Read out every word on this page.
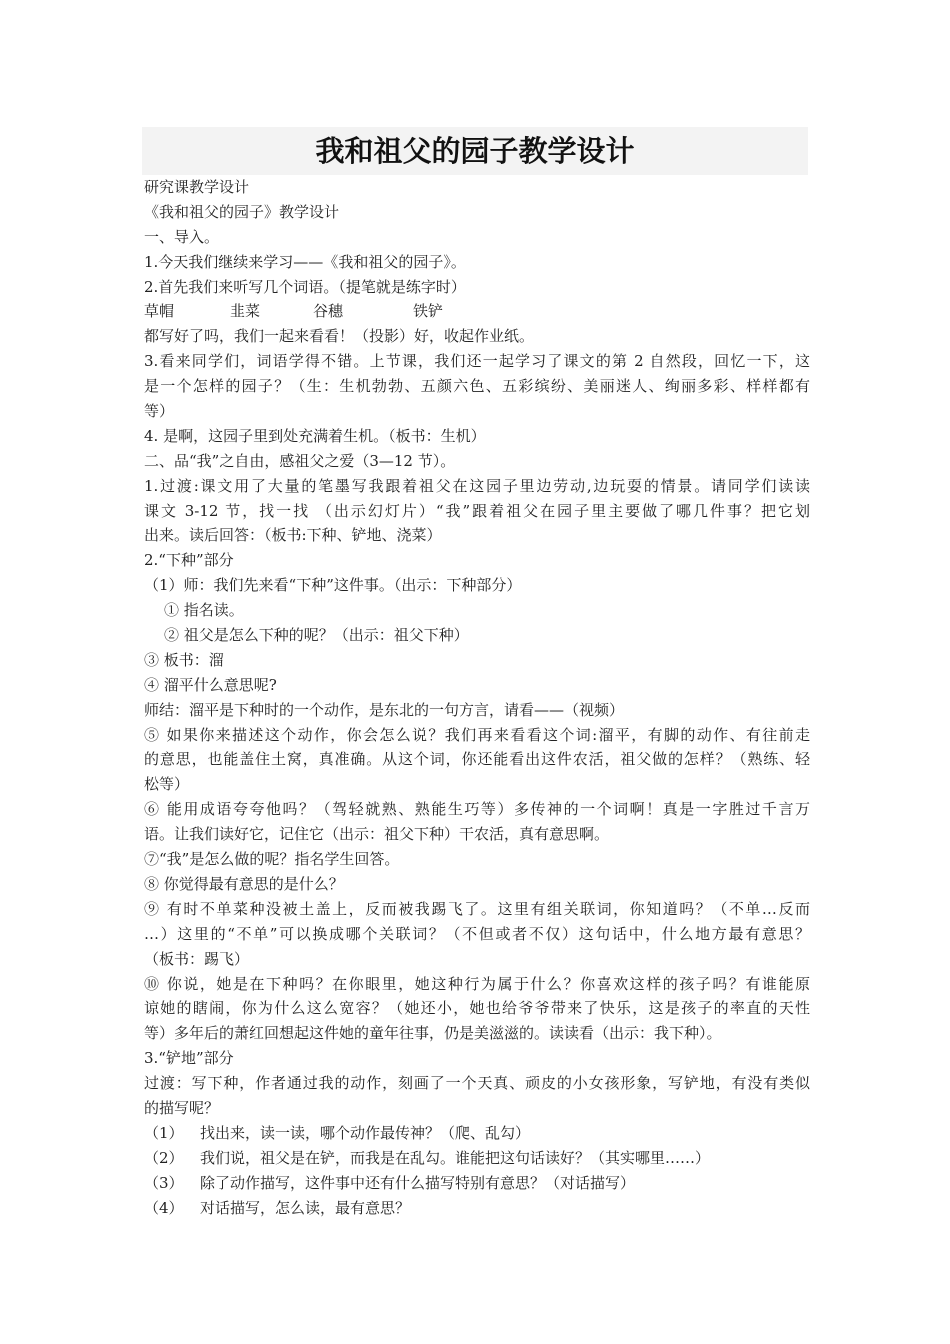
我和祖父的园子教学设计
研究课教学设计
《我和祖父的园子》教学设计
一、导入。
1.今天我们继续来学习——《我和祖父的园子》。
2.首先我们来听写几个词语。（提笔就是练字时）
草帽	韭菜	谷穗	铁铲
都写好了吗，我们一起来看看！（投影）好，收起作业纸。
3.看来同学们，词语学得不错。上节课，我们还一起学习了课文的第 2 自然段，回忆一下，这
是一个怎样的园子？（生：生机勃勃、五颜六色、五彩缤纷、美丽迷人、绚丽多彩、样样都有
等）
4. 是啊，这园子里到处充满着生机。（板书：生机）
二、品“我”之自由，感祖父之爱（3—12 节）。
1.过渡:课文用了大量的笔墨写我跟着祖父在这园子里边劳动,边玩耍的情景。请同学们读读
课文 3-12 节，找一找 （出示幻灯片）“我”跟着祖父在园子里主要做了哪几件事？把它划
出来。读后回答：（板书:下种、铲地、浇菜）
2.“下种”部分
（1）师：我们先来看“下种”这件事。（出示：下种部分）
① 指名读。
② 祖父是怎么下种的呢？（出示：祖父下种）
③ 板书：溜
④ 溜平什么意思呢?
师结：溜平是下种时的一个动作，是东北的一句方言，请看——（视频）
⑤ 如果你来描述这个动作，你会怎么说？我们再来看看这个词:溜平，有脚的动作、有往前走
的意思，也能盖住土窝，真准确。从这个词，你还能看出这件农活，祖父做的怎样？（熟练、轻
松等）
⑥ 能用成语夸夸他吗？（驾轻就熟、熟能生巧等）多传神的一个词啊！真是一字胜过千言万
语。让我们读好它，记住它（出示：祖父下种）干农活，真有意思啊。
⑦“我”是怎么做的呢？指名学生回答。
⑧ 你觉得最有意思的是什么？
⑨ 有时不单菜种没被土盖上，反而被我踢飞了。这里有组关联词，你知道吗？（不单…反而
…）这里的“不单”可以换成哪个关联词？（不但或者不仅）这句话中，什么地方最有意思？
（板书：踢飞）
⑩ 你说，她是在下种吗？在你眼里，她这种行为属于什么？你喜欢这样的孩子吗？有谁能原
谅她的瞎闹，你为什么这么宽容？（她还小，她也给爷爷带来了快乐，这是孩子的率直的天性
等）多年后的萧红回想起这件她的童年往事，仍是美滋滋的。读读看（出示：我下种）。
3.“铲地”部分
过渡：写下种，作者通过我的动作，刻画了一个天真、顽皮的小女孩形象，写铲地，有没有类似
的描写呢？
（1） 找出来，读一读，哪个动作最传神？（爬、乱勾）
（2） 我们说，祖父是在铲，而我是在乱勾。谁能把这句话读好？（其实哪里……）
（3） 除了动作描写，这件事中还有什么描写特别有意思？（对话描写）
（4） 对话描写，怎么读，最有意思？
